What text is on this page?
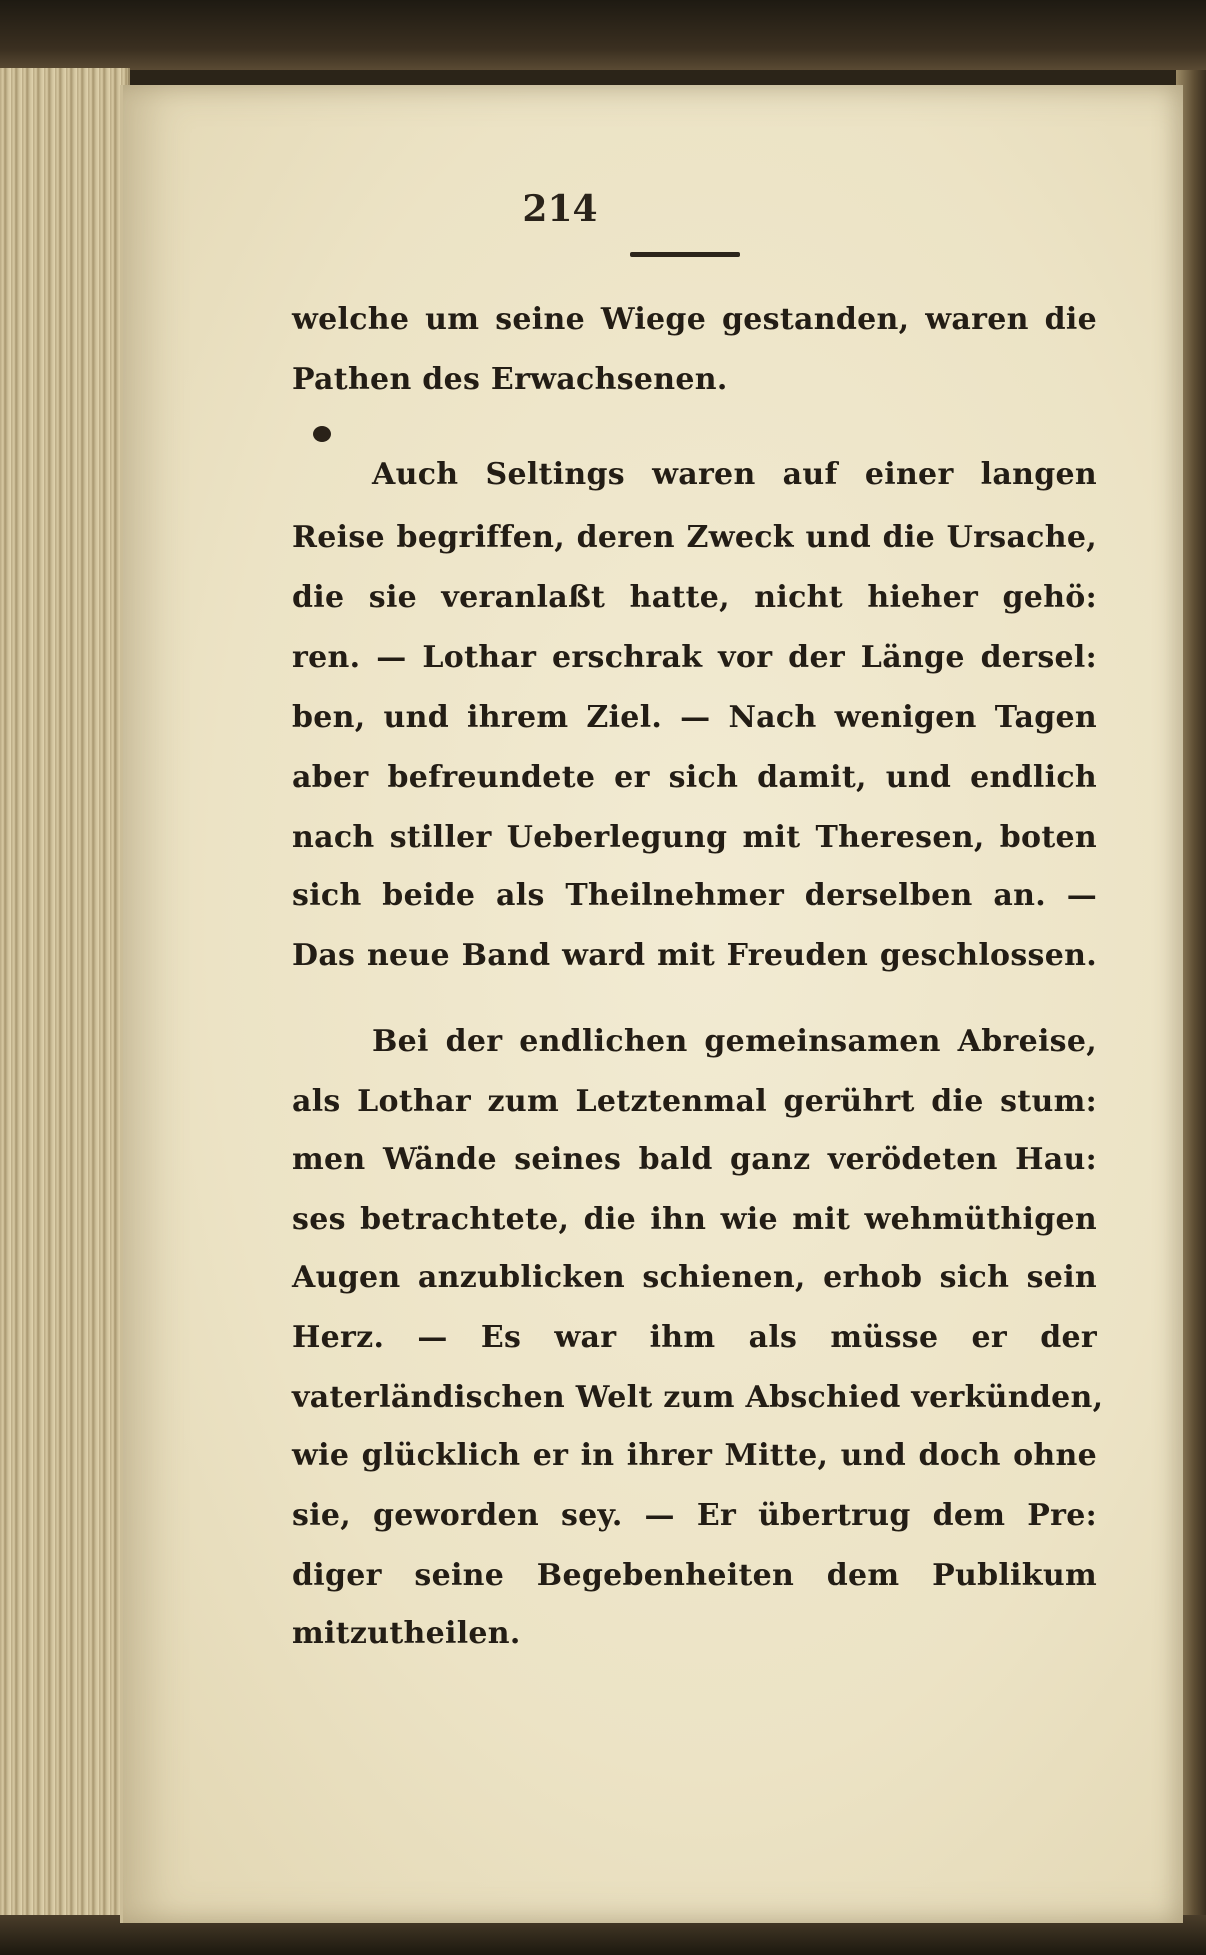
214
welche um seine Wiege gestanden, waren die
Pathen des Erwachsenen.
Auch Seltings waren auf einer langen
Reise begriffen, deren Zweck und die Ursache,
die sie veranlaßt hatte, nicht hieher gehö:
ren. — Lothar erschrak vor der Länge dersel:
ben, und ihrem Ziel. — Nach wenigen Tagen
aber befreundete er sich damit, und endlich
nach stiller Ueberlegung mit Theresen, boten
sich beide als Theilnehmer derselben an. —
Das neue Band ward mit Freuden geschlossen.
Bei der endlichen gemeinsamen Abreise,
als Lothar zum Letztenmal gerührt die stum:
men Wände seines bald ganz verödeten Hau:
ses betrachtete, die ihn wie mit wehmüthigen
Augen anzublicken schienen, erhob sich sein
Herz. — Es war ihm als müsse er der
vaterländischen Welt zum Abschied verkünden,
wie glücklich er in ihrer Mitte, und doch ohne
sie, geworden sey. — Er übertrug dem Pre:
diger seine Begebenheiten dem Publikum
mitzutheilen.
